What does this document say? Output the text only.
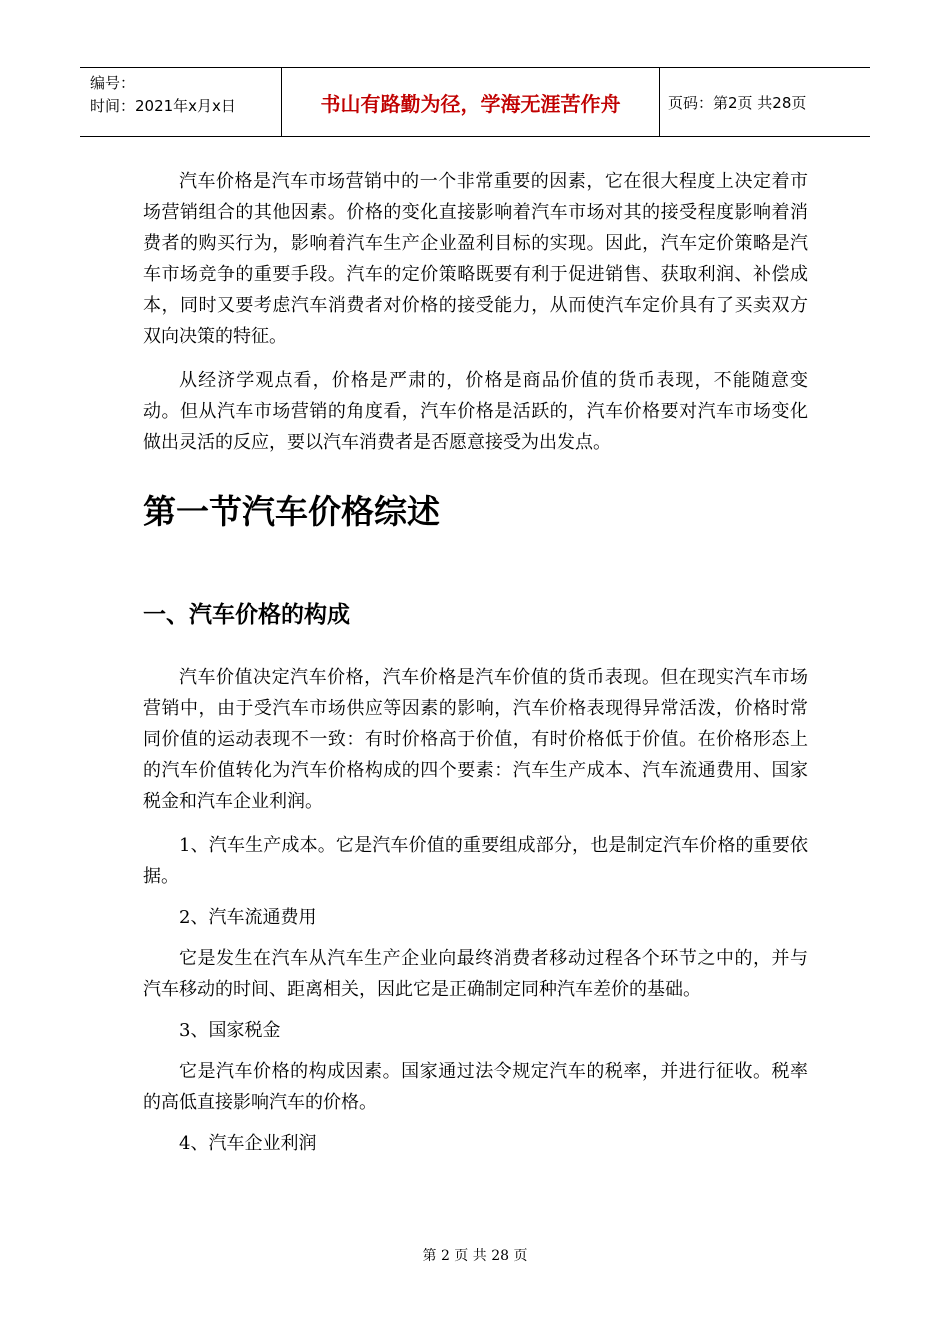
编号：
时间：2021年x月x日	书山有路勤为径，学海无涯苦作舟	页码：第2页 共28页

汽车价格是汽车市场营销中的一个非常重要的因素，它在很大程度上决定着市场营销组合的其他因素。价格的变化直接影响着汽车市场对其的接受程度影响着消费者的购买行为，影响着汽车生产企业盈利目标的实现。因此，汽车定价策略是汽车市场竞争的重要手段。汽车的定价策略既要有利于促进销售、获取利润、补偿成本，同时又要考虑汽车消费者对价格的接受能力，从而使汽车定价具有了买卖双方双向决策的特征。

从经济学观点看，价格是严肃的，价格是商品价值的货币表现，不能随意变动。但从汽车市场营销的角度看，汽车价格是活跃的，汽车价格要对汽车市场变化做出灵活的反应，要以汽车消费者是否愿意接受为出发点。

第一节汽车价格综述
一、汽车价格的构成

汽车价值决定汽车价格，汽车价格是汽车价值的货币表现。但在现实汽车市场营销中，由于受汽车市场供应等因素的影响，汽车价格表现得异常活泼，价格时常同价值的运动表现不一致：有时价格高于价值，有时价格低于价值。在价格形态上的汽车价值转化为汽车价格构成的四个要素：汽车生产成本、汽车流通费用、国家税金和汽车企业利润。

1、汽车生产成本。它是汽车价值的重要组成部分，也是制定汽车价格的重要依据。

2、汽车流通费用

它是发生在汽车从汽车生产企业向最终消费者移动过程各个环节之中的，并与汽车移动的时间、距离相关，因此它是正确制定同种汽车差价的基础。

3、国家税金

它是汽车价格的构成因素。国家通过法令规定汽车的税率，并进行征收。税率的高低直接影响汽车的价格。

4、汽车企业利润

第 2 页 共 28 页
